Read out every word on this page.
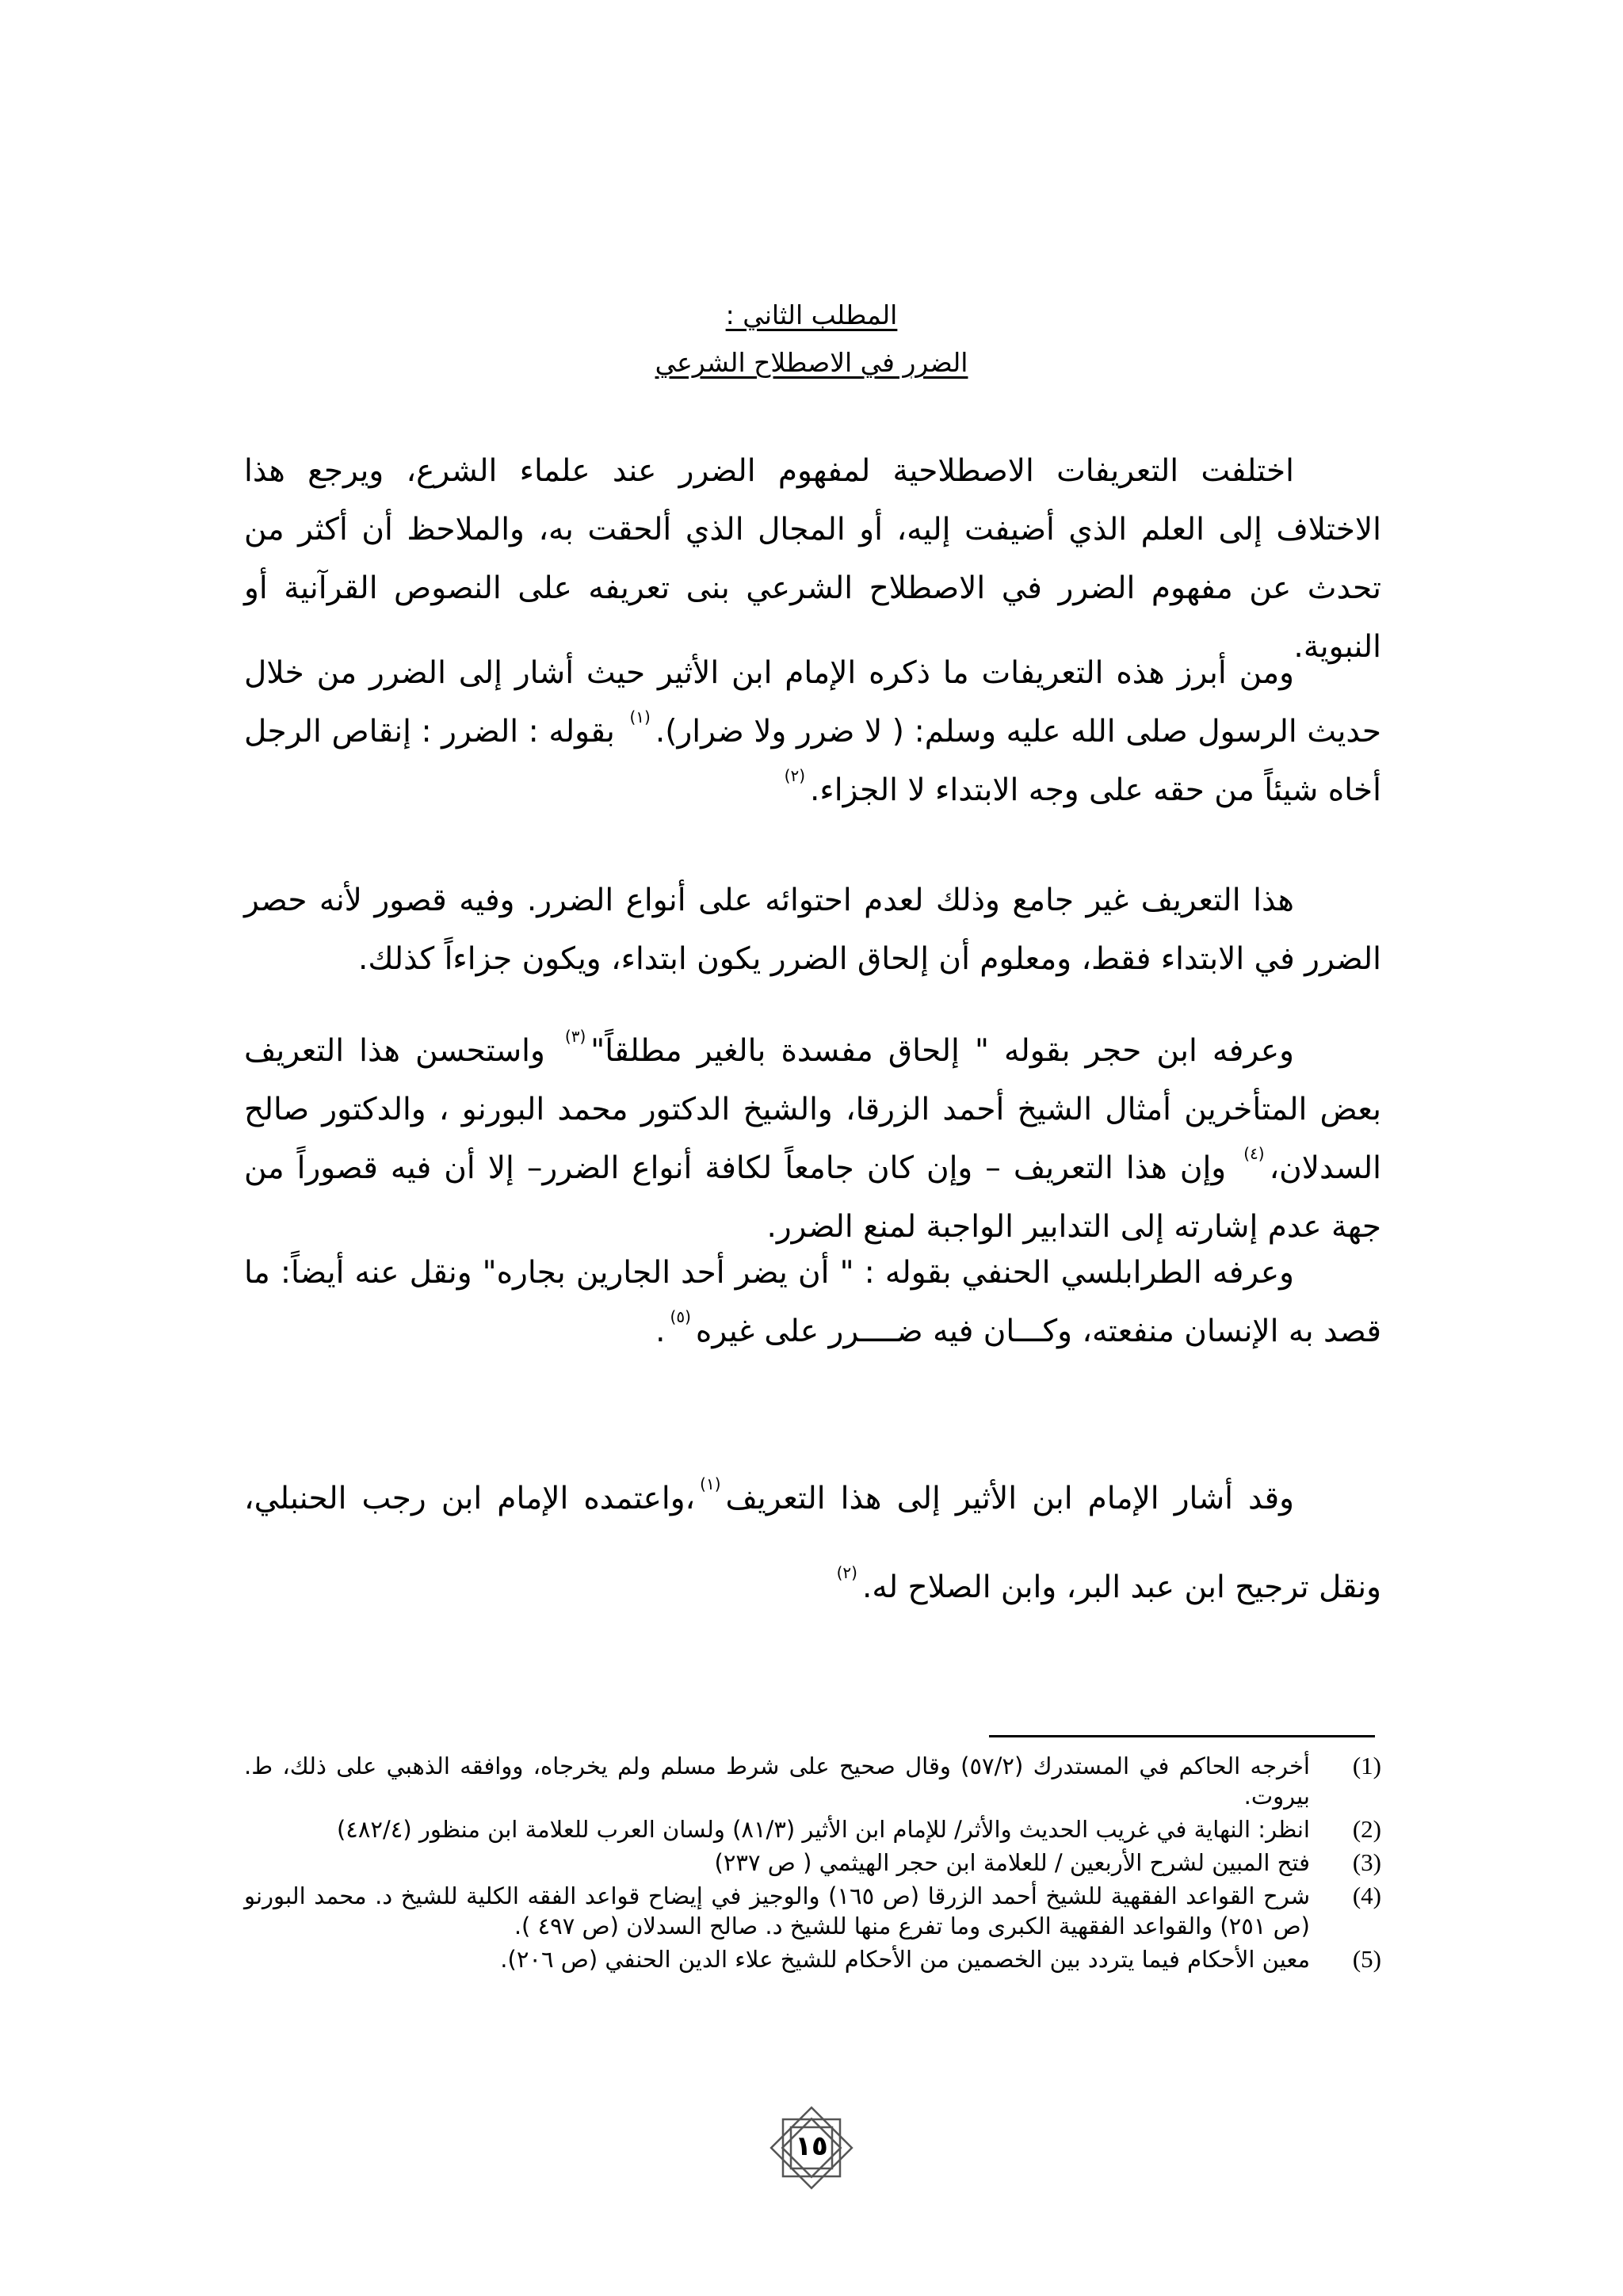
المطلب الثاني :
الضرر في الاصطلاح الشرعي
اختلفت التعريفات الاصطلاحية لمفهوم الضرر عند علماء الشرع، ويرجع هذا الاختلاف إلى العلم الذي أضيفت إليه، أو المجال الذي ألحقت به، والملاحظ أن أكثر من تحدث عن مفهوم الضرر في الاصطلاح الشرعي بنى تعريفه على النصوص القرآنية أو النبوية.
ومن أبرز هذه التعريفات ما ذكره الإمام ابن الأثير حيث أشار إلى الضرر من خلال حديث الرسول صلى الله عليه وسلم: ( لا ضرر ولا ضرار).$^{(١)}$ بقوله : الضرر : إنقاص الرجل أخاه شيئاً من حقه على وجه الابتداء لا الجزاء.$^{(٢)}$
هذا التعريف غير جامع وذلك لعدم احتوائه على أنواع الضرر. وفيه قصور لأنه حصر الضرر في الابتداء فقط، ومعلوم أن إلحاق الضرر يكون ابتداء، ويكون جزاءاً كذلك.
وعرفه ابن حجر بقوله " إلحاق مفسدة بالغير مطلقاً"$^{(٣)}$ واستحسن هذا التعريف بعض المتأخرين أمثال الشيخ أحمد الزرقا، والشيخ الدكتور محمد البورنو ، والدكتور صالح السدلان،$^{(٤)}$ وإن هذا التعريف – وإن كان جامعاً لكافة أنواع الضرر– إلا أن فيه قصوراً من جهة عدم إشارته إلى التدابير الواجبة لمنع الضرر.
وعرفه الطرابلسي الحنفي بقوله : " أن يضر أحد الجارين بجاره" ونقل عنه أيضاً: ما قصد به الإنسان منفعته، وكـــان فيه ضــــرر على غيره$^{(٥)}$.
وقد أشار الإمام ابن الأثير إلى هذا التعريف$^{(١)}$،واعتمده الإمام ابن رجب الحنبلي، ونقل ترجيح ابن عبد البر، وابن الصلاح له.$^{(٢)}$
(1)
أخرجه الحاكم في المستدرك (٥٧/٢) وقال صحيح على شرط مسلم ولم يخرجاه، ووافقه الذهبي على ذلك، ط. بيروت.
(2)
انظر: النهاية في غريب الحديث والأثر/ للإمام ابن الأثير (٨١/٣) ولسان العرب للعلامة ابن منظور (٤٨٢/٤)
(3)
فتح المبين لشرح الأربعين / للعلامة ابن حجر الهيثمي ( ص ٢٣٧)
(4)
شرح القواعد الفقهية للشيخ أحمد الزرقا (ص ١٦٥) والوجيز في إيضاح قواعد الفقه الكلية للشيخ د. محمد البورنو (ص ٢٥١) والقواعد الفقهية الكبرى وما تفرع منها للشيخ د. صالح السدلان (ص ٤٩٧ ).
(5)
معين الأحكام فيما يتردد بين الخصمين من الأحكام للشيخ علاء الدين الحنفي (ص ٢٠٦).
١٥
